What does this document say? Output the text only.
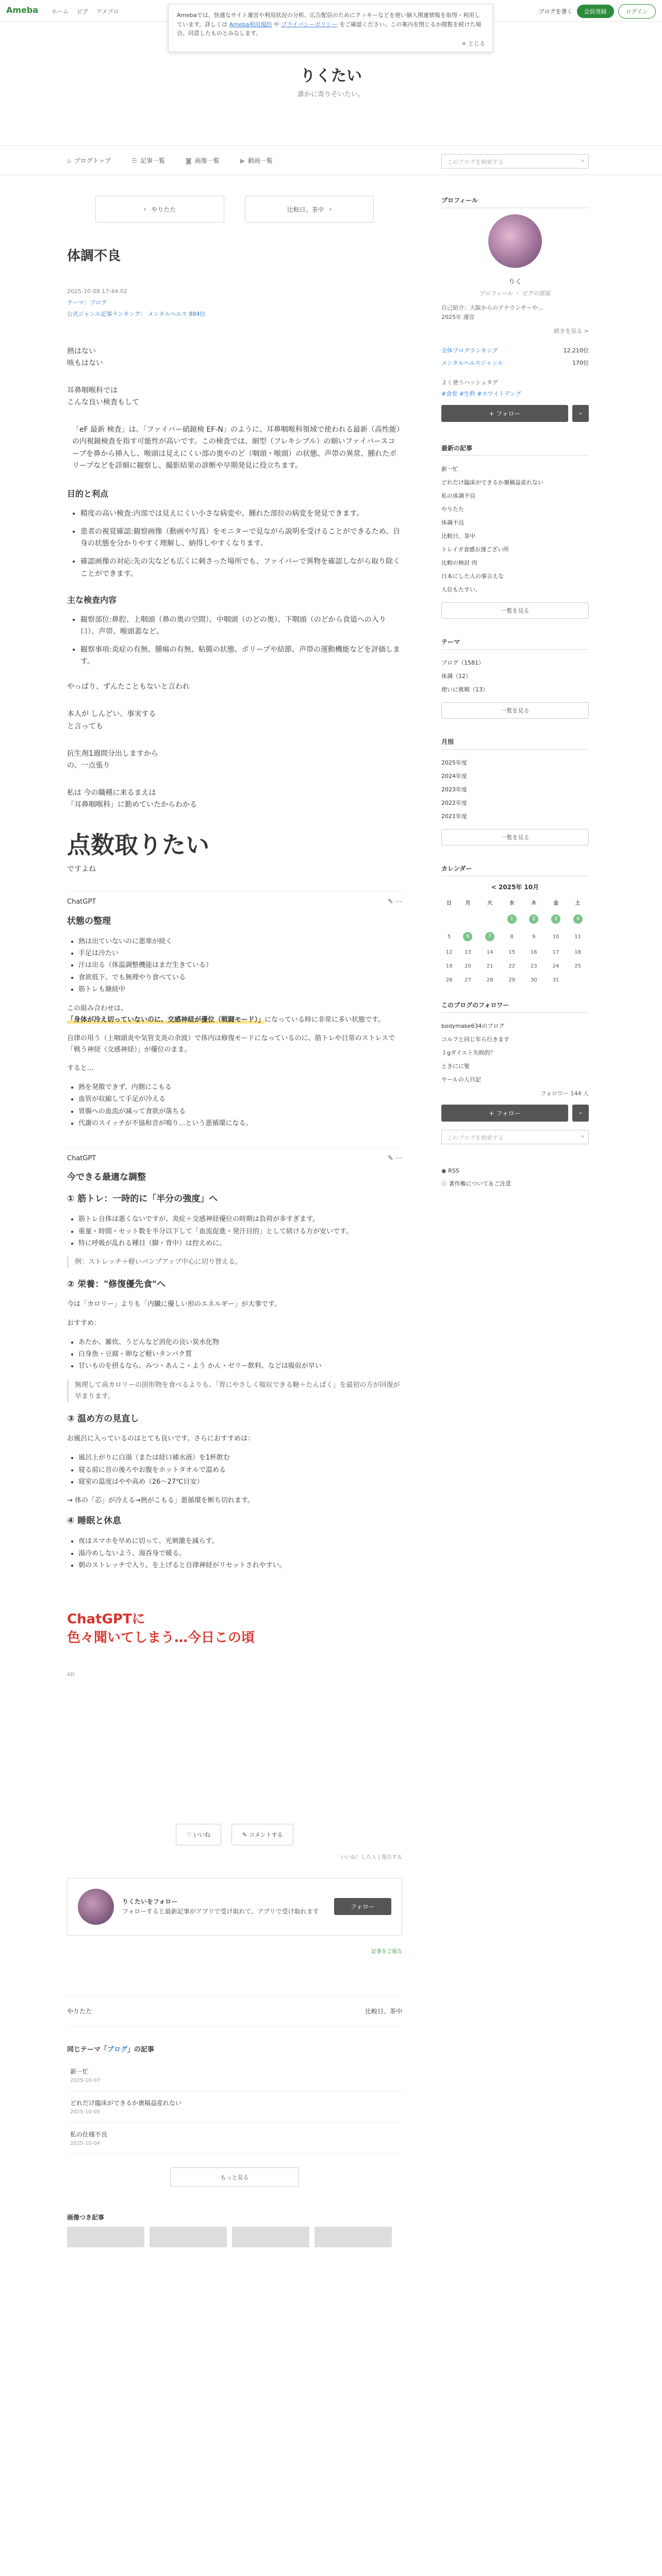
Ameba ホーム ピグ アメブロ	ブログを書く	会員登録	ログイン
Amebaでは、快適なサイト運営や利用状況の分析、広告配信のためにクッキーなどを使い個人関連情報を取得・利用しています。詳しくは Ameba利用規約 や プライバシーポリシー をご確認ください。この案内を閉じるか閲覧を続けた場合、同意したものとみなします。
× とじる
りくたい
誰かに寄りそいたい。
⌂ ブログトップ	☰ 記事一覧	◙ 画像一覧	▶ 動画一覧	このブログを検索する	⌕
‹ やりたた	比較日、茶中 ›
体調不良
2025-10-08 17:44:02
テーマ：ブログ
公式ジャンル記事ランキング： メンタルヘルス 884位

熱はない
咳もはない

耳鼻咽喉科では
こんな良い検査もして

「eF 最新 検査」は、「ファイバー硝鏡検 EF-N」のように、耳鼻咽喉科領域で使われる最新（高性能）の内視鏡検査を指す可能性が高いです。この検査では、細型（フレキシブル）の細いファイバースコープを鼻から挿入し、喉頭は見えにくい部の奥やのど（咽頭・喉頭）の状態、声帯の異常、腫れたポリープなどを詳細に観察し、撮影結果の診断や早期発見に役立ちます。

目的と利点
• 精度の高い検査:内部では見えにくい小さな病変や、腫れた部位の病変を発見できます。
• 患者の視覚確認:観察画像（動画や写真）をモニターで見ながら説明を受けることができるため、自身の状態を分かりやすく理解し、納得しやすくなります。
• 確認画像の対応:先の尖なども広くに刺さった場所でも、ファイバーで異物を確認しながら取り除くことができます。
主な検査内容
• 観察部位:鼻腔、上咽頭（鼻の奥の空間）、中咽頭（のどの奥）、下咽頭（のどから食道への入り口）、声帯、喉頭蓋など。
• 観察事項:炎症の有無、腫瘍の有無、粘膜の状態、ポリープや結節、声帯の運動機能などを評価します。

やっぱり、ずんたこともないと言われ

本人が しんどい、事実する
と言っても

抗生剤1週間分出しますから
の、一点張り

私は 今の職種に来るまえは
「耳鼻咽喉科」に勤めていたからわかる

点数取りたい

ですよね

ChatGPT	✎ ⋯
状態の整理
• 熱は出ていないのに悪寒が続く
• 手足は冷たい
• 汗は出る（体温調整機能はまだ生きている）
• 食欲低下、でも無理やり食べている
• 筋トレも継続中
この組み合わせは、
「身体が冷え切っていないのに、交感神経が優位（戦闘モード）」になっている時に非常に多い状態です。
自律の用う（上咽頭炎や気管支炎の余波）で体内は修復モードになっているのに、筋トレや日常のストレスで「戦う神経（交感神経）」が優位のまま。
すると…
• 熱を発散できず、内側にこもる
• 血管が収縮して手足が冷える
• 胃腸への血流が減って食欲が落ちる
• 代謝のスイッチが不協和音が鳴り…という悪循環になる。
ChatGPT	✎ ⋯
今できる最適な調整
① 筋トレ：一時的に「半分の強度」へ
• 筋トレ自体は悪くないですが、炎症＋交感神経優位の時期は負荷が多すぎます。
• 重量・時間・セット数を半分以下して「血流促進・発汗目的」として続ける方が安いです。
• 特に呼吸が乱れる種目（脚・背中）は控えめに。
例：ストレッチ＋軽いパンプアップ中心に切り替える。
② 栄養："修復優先食"へ
今は「カロリー」よりも「内臓に優しい形のエネルギー」が大事です。
おすすめ：
• あたか、雑炊、うどんなど消化の良い炭水化物
• 白身魚・豆腐・卵など軽いタンパク質
• 甘いものを摂るなら、みつ・あんこ・よう かん・ゼリー飲料、などは吸収が早い
無理して高カロリーの固形物を食べるよりも、「胃にやさしく吸収できる糖＋たんぱく」を最初の方が回復が早まります。
③ 温め方の見直し
お風呂に入っているのはとても良いです。さらにおすすめは：
• 風呂上がりに白湯（または経口補水液）を1杯飲む
• 寝る前に首の後ろやお腹をホットタオルで温める
• 寝室の温度はやや高め（26〜27℃目安）
→ 体の「芯」が冷える→熱がこもる」悪循環を断ち切れます。
④ 睡眠と休息
• 夜はスマホを早めに切って、光刺激を減らす。
• 湯冷めしないよう、湯呑身で暖る。
• 朝のストレッチで入り、を上げると自律神経がリセットされやすい。
ChatGPTに
色々聞いてしまう…今日この頃
AD
♡ いいね	✎ コメントする
いいね！した人 | 報告する
りくたいをフォロー
フォローすると最新記事がアプリで受け取れて、アプリで受け取れます
フォロー
記事をご報告
やりたた	比較日、茶中
同じテーマ「ブログ」の記事
新一忙
2025-10-07
どれだけ臨床ができるか褒稿益産れない
2025-10-05
私の仕様不良
2025-10-04
もっと見る
画像つき記事
プロフィール
りく
プロフィール ・ ピグの部屋
自己紹介：大阪からのアナウンサーや…
2025年 運営
続きを見る >
全体ブログランキング	12,210位
メンタルヘルスジャンル	170位
よく使うハッシュタグ
#食堂 #生粋 #ホワイトデング
+ フォロー	⌄
最新の記事
新一忙
どれだけ臨床ができるか褒稿益産れない
私の体調不良
やりたた
体調不良
比較日、茶中
トレイガ食感お遅ござい所
比較の検討 肉
日本にした人の事言えな
人位もたすい、
一覧を見る
テーマ
ブログ（1581）
体調（12）
使いに挑戦（13）
一覧を見る
月別
2025年度
2024年度
2023年度
2022年度
2021年度
一覧を見る
カレンダー
< 2025年 10月
日	月	火	水	木	金	土
			1	2	3	4
5	6	7	8	9	10	11
12	13	14	15	16	17	18
19	20	21	22	23	24	25
26	27	28	29	30	31	
このブログのフォロワー
bodymake634のブログ
コルフと同じ年ら行きます
１gダイエト失敗的？
ときにに聖
ヤールの人日記
フォロワー 144 人
+ フォロー	⌄
このブログを検索する	⌕
◉ RSS
ⓘ 著作権について＆ご注意
